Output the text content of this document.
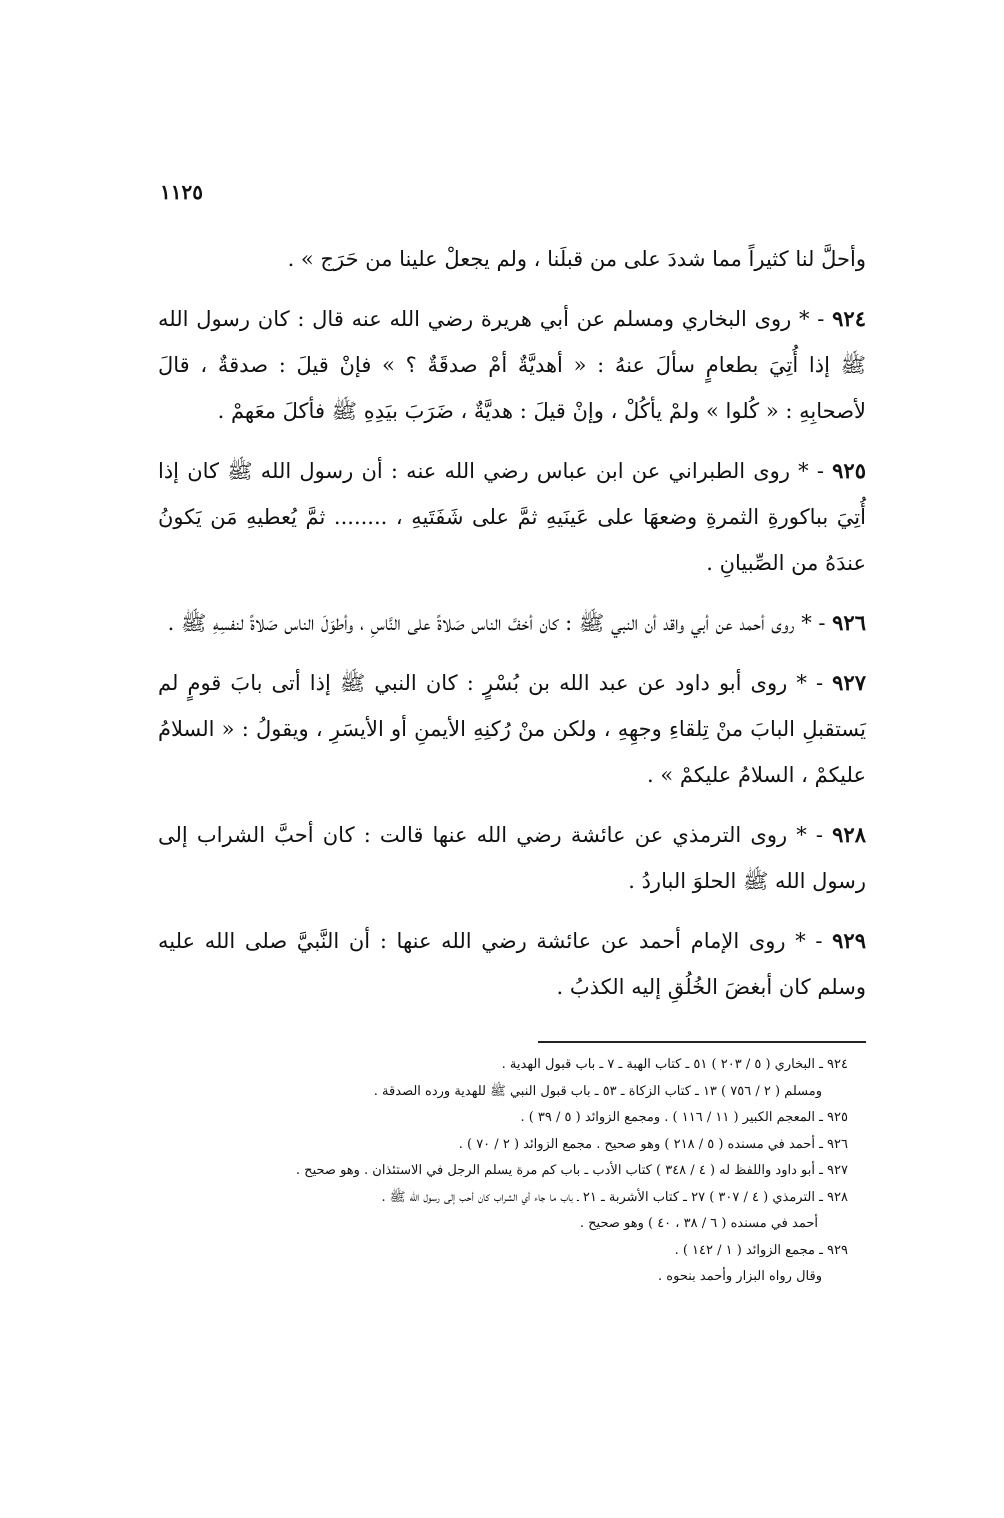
١١٢٥

وأحلَّ لنا كثيراً مما شددَ على من قبلَنا ، ولم يجعلْ علينا من حَرَج » .

٩٢٤ - * روى البخاري ومسلم عن أبي هريرة رضي الله عنه قال : كان رسول الله ﷺ إذا أُتِيَ بطعامٍ سألَ عنهُ : « أهديَّةٌ أمْ صدقَةٌ ؟ » فإنْ قيلَ : صدقةٌ ، قالَ لأصحابِهِ : « كُلوا » ولمْ يأكُلْ ، وإنْ قيلَ : هديَّةٌ ، ضَرَبَ بيَدِهِ ﷺ فأكلَ معَهمْ .

٩٢٥ - * روى الطبراني عن ابن عباس رضي الله عنه : أن رسول الله ﷺ كان إذا أُتِيَ بباكورةِ الثمرةِ وضعهَا على عَينَيهِ ثمَّ على شَفَتَيهِ ، ........ ثمَّ يُعطيهِ مَن يَكونُ عندَهُ من الصِّبيانِ .

٩٢٦ - * روى أحمد عن أبي واقد أن النبي ﷺ : كان أخفَّ الناس صَلاةً على النَّاسِ ، وأطوَلَ الناس صَلاةً لنفسِهِ ﷺ .

٩٢٧ - * روى أبو داود عن عبد الله بن بُسْرٍ : كان النبي ﷺ إذا أتى بابَ قومٍ لم يَستقبلِ البابَ منْ تِلقاءِ وجهِهِ ، ولكن منْ رُكنِهِ الأيمنِ أو الأيسَرِ ، ويقولُ : « السلامُ عليكمْ ، السلامُ عليكمْ » .

٩٢٨ - * روى الترمذي عن عائشة رضي الله عنها قالت : كان أحبَّ الشراب إلى رسول الله ﷺ الحلوَ الباردُ .

٩٢٩ - * روى الإمام أحمد عن عائشة رضي الله عنها : أن النَّبيَّ صلى الله عليه وسلم كان أبغضَ الخُلُقِ إليه الكذبُ .

٩٢٤ ـ البخاري ( ٥ / ٢٠٣ ) ٥١ ـ كتاب الهبة ـ ٧ ـ باب قبول الهدية .
ومسلم ( ٢ / ٧٥٦ ) ١٣ ـ كتاب الزكاة ـ ٥٣ ـ باب قبول النبي ﷺ للهدية ورده الصدقة .
٩٢٥ ـ المعجم الكبير ( ١١ / ١١٦ ) . ومجمع الزوائد ( ٥ / ٣٩ ) .
٩٢٦ ـ أحمد في مسنده ( ٥ / ٢١٨ ) وهو صحيح . مجمع الزوائد ( ٢ / ٧٠ ) .
٩٢٧ ـ أبو داود واللفظ له ( ٤ / ٣٤٨ ) كتاب الأدب ـ باب كم مرة يسلم الرجل في الاستئذان . وهو صحيح .
٩٢٨ ـ الترمذي ( ٤ / ٣٠٧ ) ٢٧ ـ كتاب الأشربة ـ ٢١ ـ باب ما جاء أي الشراب كان أحب إلى رسول الله ﷺ .
أحمد في مسنده ( ٦ / ٣٨ ، ٤٠ ) وهو صحيح .
٩٢٩ ـ مجمع الزوائد ( ١ / ١٤٢ ) .
وقال رواه البزار وأحمد بنحوه .
